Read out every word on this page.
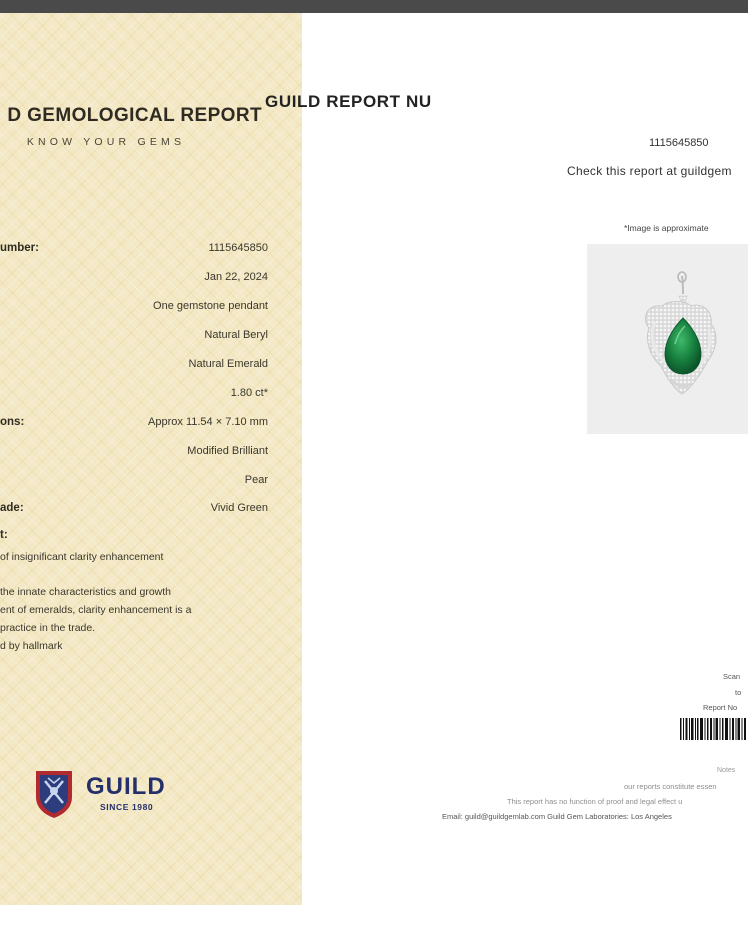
D GEMOLOGICAL REPORT
KNOW YOUR GEMS
umber:	1115645850
Jan 22, 2024
One gemstone pendant
Natural Beryl
Natural Emerald
1.80 ct*
ons:	Approx 11.54 × 7.10 mm
Modified Brilliant
Pear
ade:	Vivid Green
t:
of insignificant clarity enhancement
the innate characteristics and growth
ent of emeralds, clarity enhancement is a
practice in the trade.
d by hallmark
GUILD
SINCE 1980
GUILD REPORT NU
1115645850
Check this report at guildgem
*Image is approximate
Scan
to
Report No
Notes
our reports constitute essen
This report has no function of proof and legal effect u
Email: guild@guildgemlab.com Guild Gem Laboratories: Los Angeles
